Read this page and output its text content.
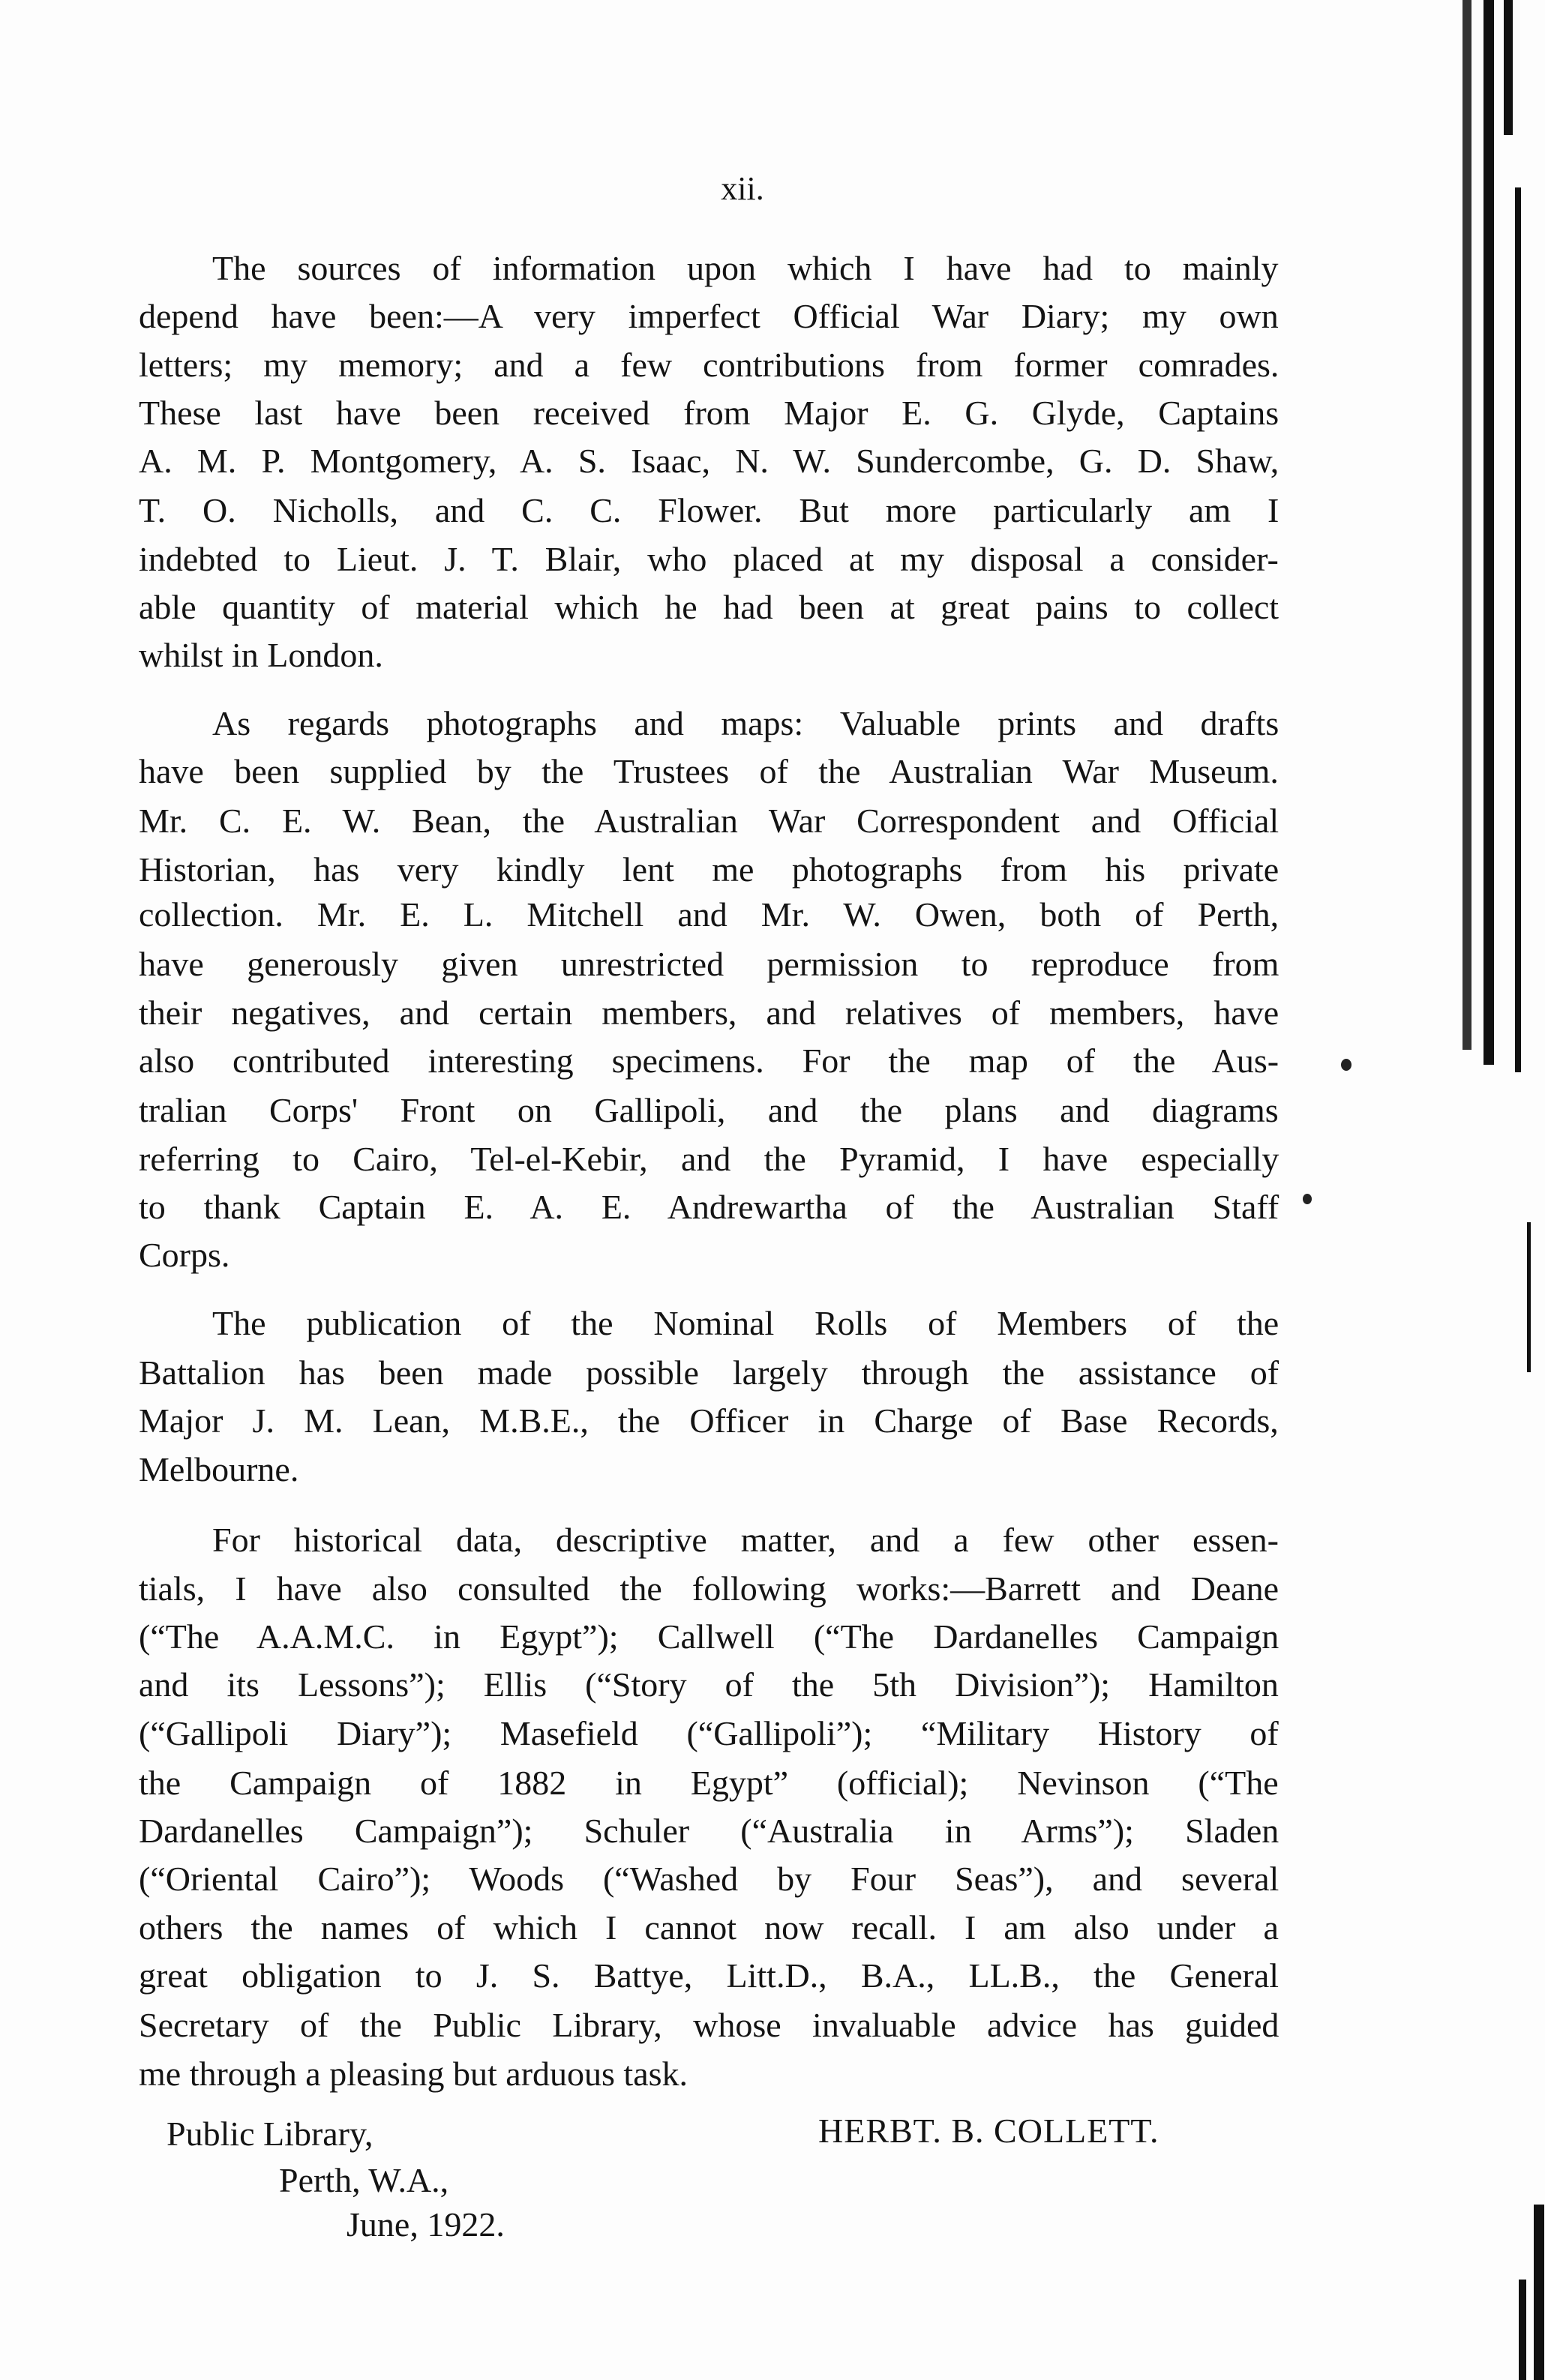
xii.
The sources of information upon which I have had to mainly
depend have been:—A very imperfect Official War Diary; my own
letters; my memory; and a few contributions from former comrades.
These last have been received from Major E. G. Glyde, Captains
A. M. P. Montgomery, A. S. Isaac, N. W. Sundercombe, G. D. Shaw,
T. O. Nicholls, and C. C. Flower. But more particularly am I
indebted to Lieut. J. T. Blair, who placed at my disposal a consider-
able quantity of material which he had been at great pains to collect
whilst in London.
As regards photographs and maps: Valuable prints and drafts
have been supplied by the Trustees of the Australian War Museum.
Mr. C. E. W. Bean, the Australian War Correspondent and Official
Historian, has very kindly lent me photographs from his private
collection. Mr. E. L. Mitchell and Mr. W. Owen, both of Perth,
have generously given unrestricted permission to reproduce from
their negatives, and certain members, and relatives of members, have
also contributed interesting specimens. For the map of the Aus-
tralian Corps' Front on Gallipoli, and the plans and diagrams
referring to Cairo, Tel-el-Kebir, and the Pyramid, I have especially
to thank Captain E. A. E. Andrewartha of the Australian Staff
Corps.
The publication of the Nominal Rolls of Members of the
Battalion has been made possible largely through the assistance of
Major J. M. Lean, M.B.E., the Officer in Charge of Base Records,
Melbourne.
For historical data, descriptive matter, and a few other essen-
tials, I have also consulted the following works:—Barrett and Deane
(“The A.A.M.C. in Egypt”); Callwell (“The Dardanelles Campaign
and its Lessons”); Ellis (“Story of the 5th Division”); Hamilton
(“Gallipoli Diary”); Masefield (“Gallipoli”); “Military History of
the Campaign of 1882 in Egypt” (official); Nevinson (“The
Dardanelles Campaign”); Schuler (“Australia in Arms”); Sladen
(“Oriental Cairo”); Woods (“Washed by Four Seas”), and several
others the names of which I cannot now recall. I am also under a
great obligation to J. S. Battye, Litt.D., B.A., LL.B., the General
Secretary of the Public Library, whose invaluable advice has guided
me through a pleasing but arduous task.
Public Library,
Perth, W.A.,
June, 1922.
HERBT. B. COLLETT.
